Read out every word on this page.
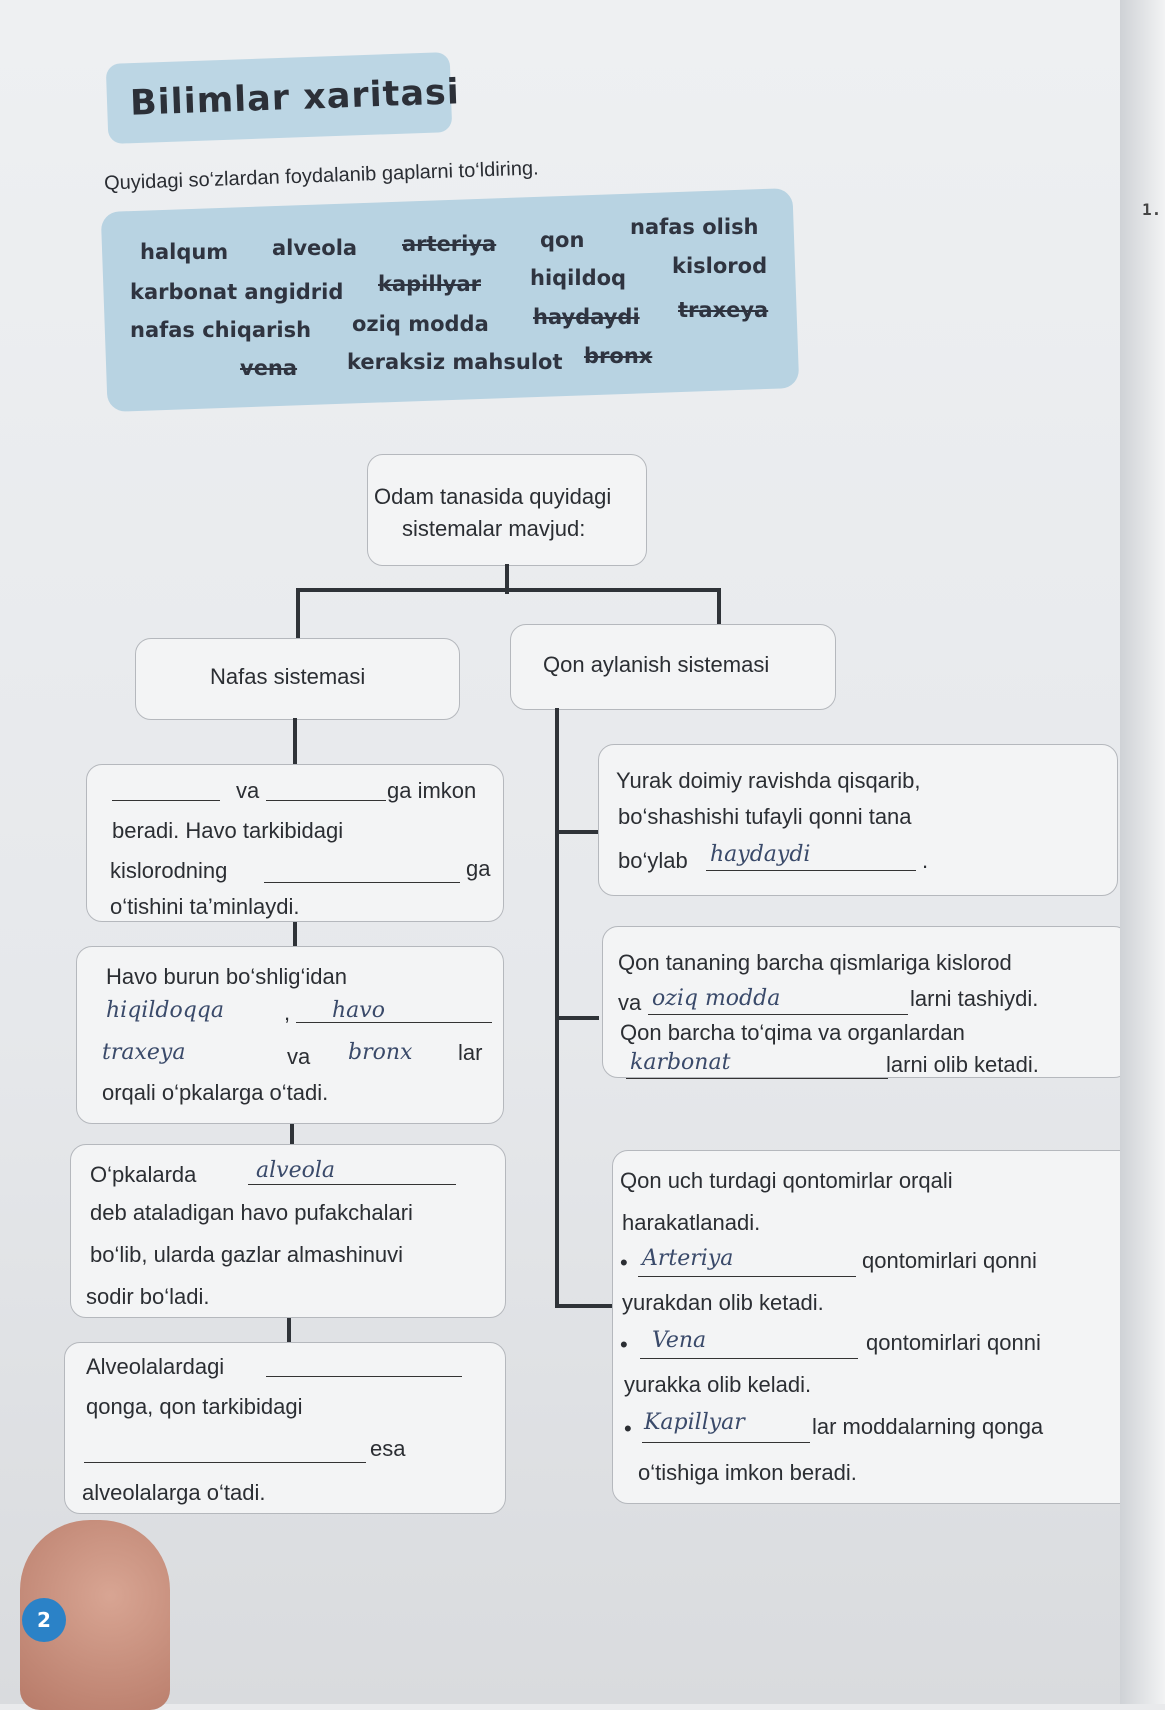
Bilimlar xaritasi
Quyidagi so‘zlardan foydalanib gaplarni to‘ldiring.
halqum alveola arteriya qon
nafas olish
karbonat angidrid kapillyar hiqildoq kislorod
nafas chiqarish oziq modda haydaydi traxeya
vena keraksiz mahsulot bronx
Odam tanasida quyidagi
sistemalar mavjud:
Nafas sistemasi	Qon aylanish sistemasi
va	ga imkon
beradi. Havo tarkibidagi
kislorodning	ga
o‘tishini ta’minlaydi.
Havo burun bo‘shlig‘idan
hiqildoqqa	, havo
traxeya	va bronx lar
orqali o‘pkalarga o‘tadi.
O‘pkalarda	alveola
deb ataladigan havo pufakchalari
bo‘lib, ularda gazlar almashinuvi
sodir bo‘ladi.
Alveolalardagi
qonga, qon tarkibidagi
esa
alveolalarga o‘tadi.
Yurak doimiy ravishda qisqarib,
bo‘shashishi tufayli qonni tana
bo‘ylab haydaydi	.
Qon tananing barcha qismlariga kislorod
va oziq modda	larni tashiydi.
Qon barcha to‘qima va organlardan
karbonat	larni olib ketadi.
Qon uch turdagi qontomirlar orqali
harakatlanadi.
• Arteriya	qontomirlari qonni
yurakdan olib ketadi.
• Vena	qontomirlari qonni
yurakka olib keladi.
• Kapillyar	lar moddalarning qonga
o‘tishiga imkon beradi.
2
1.
